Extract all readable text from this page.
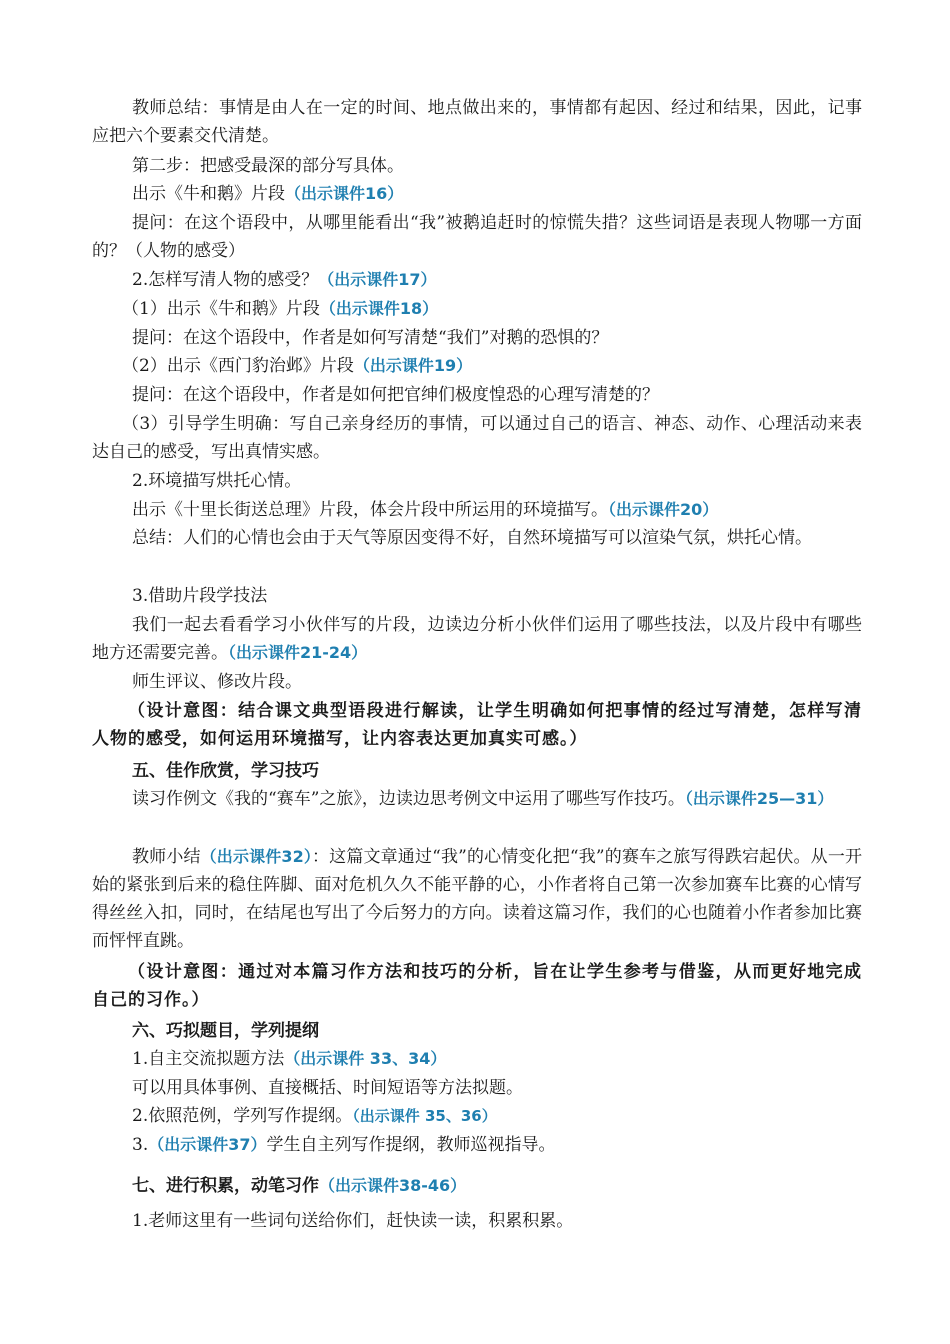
教师总结：事情是由人在一定的时间、地点做出来的，事情都有起因、经过和结果，因此，记事应把六个要素交代清楚。
第二步：把感受最深的部分写具体。
出示《牛和鹅》片段（出示课件16）
提问：在这个语段中，从哪里能看出“我”被鹅追赶时的惊慌失措？这些词语是表现人物哪一方面的？（人物的感受）
2.怎样写清人物的感受？（出示课件17）
（1）出示《牛和鹅》片段（出示课件18）
提问：在这个语段中，作者是如何写清楚“我们”对鹅的恐惧的？
（2）出示《西门豹治邺》片段（出示课件19）
提问：在这个语段中，作者是如何把官绅们极度惶恐的心理写清楚的？
（3）引导学生明确：写自己亲身经历的事情，可以通过自己的语言、神态、动作、心理活动来表达自己的感受，写出真情实感。
2.环境描写烘托心情。
出示《十里长街送总理》片段，体会片段中所运用的环境描写。（出示课件20）
总结：人们的心情也会由于天气等原因变得不好，自然环境描写可以渲染气氛，烘托心情。
3.借助片段学技法
我们一起去看看学习小伙伴写的片段，边读边分析小伙伴们运用了哪些技法，以及片段中有哪些地方还需要完善。（出示课件21-24）
师生评议、修改片段。
（设计意图：结合课文典型语段进行解读，让学生明确如何把事情的经过写清楚，怎样写清人物的感受，如何运用环境描写，让内容表达更加真实可感。）
五、佳作欣赏，学习技巧
读习作例文《我的“赛车”之旅》，边读边思考例文中运用了哪些写作技巧。（出示课件25—31）
教师小结（出示课件32）：这篇文章通过“我”的心情变化把“我”的赛车之旅写得跌宕起伏。从一开始的紧张到后来的稳住阵脚、面对危机久久不能平静的心，小作者将自己第一次参加赛车比赛的心情写得丝丝入扣，同时，在结尾也写出了今后努力的方向。读着这篇习作，我们的心也随着小作者参加比赛而怦怦直跳。
（设计意图：通过对本篇习作方法和技巧的分析，旨在让学生参考与借鉴，从而更好地完成自己的习作。）
六、巧拟题目，学列提纲
1.自主交流拟题方法（出示课件 33、34）
可以用具体事例、直接概括、时间短语等方法拟题。
2.依照范例，学列写作提纲。（出示课件 35、36）
3.（出示课件37）学生自主列写作提纲，教师巡视指导。
七、进行积累，动笔习作（出示课件38-46）
1.老师这里有一些词句送给你们，赶快读一读，积累积累。
